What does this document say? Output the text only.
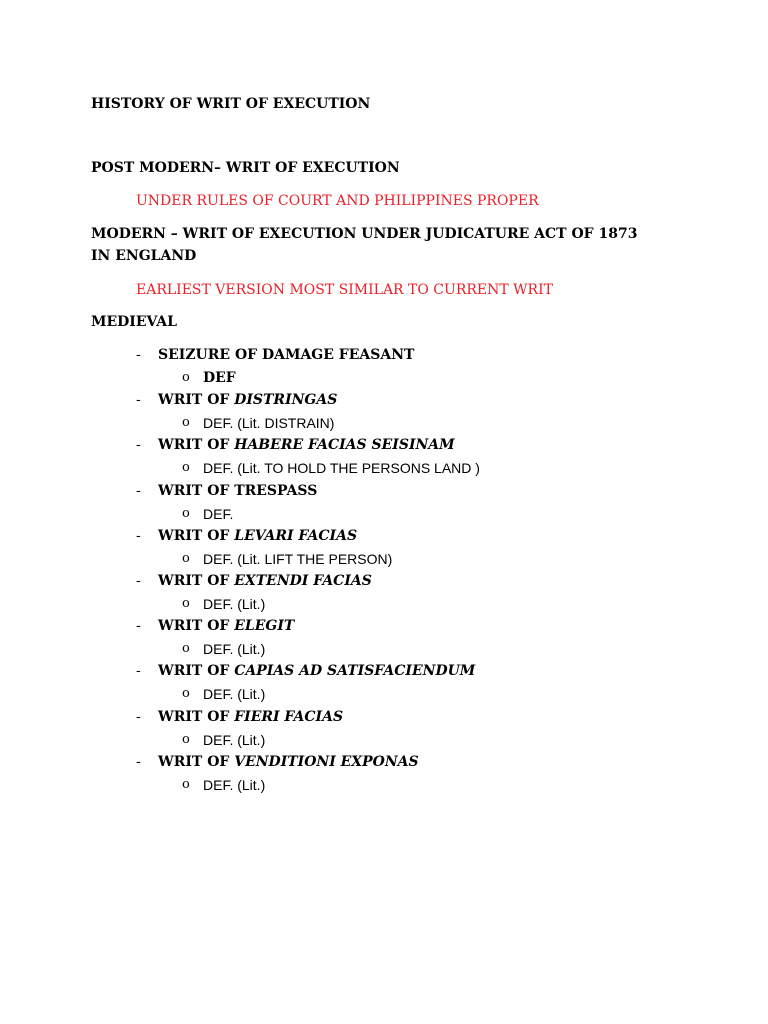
HISTORY OF WRIT OF EXECUTION
POST MODERN– WRIT OF EXECUTION
UNDER RULES OF COURT AND PHILIPPINES PROPER
MODERN – WRIT OF EXECUTION UNDER JUDICATURE ACT OF 1873 IN ENGLAND
EARLIEST VERSION MOST SIMILAR TO CURRENT WRIT
MEDIEVAL
- SEIZURE OF DAMAGE FEASANT
o DEF
- WRIT OF DISTRINGAS
o DEF. (Lit. DISTRAIN)
- WRIT OF HABERE FACIAS SEISINAM
o DEF. (Lit. TO HOLD THE PERSONS LAND )
- WRIT OF TRESPASS
o DEF.
- WRIT OF LEVARI FACIAS
o DEF. (Lit. LIFT THE PERSON)
- WRIT OF EXTENDI FACIAS
o DEF. (Lit.)
- WRIT OF ELEGIT
o DEF. (Lit.)
- WRIT OF CAPIAS AD SATISFACIENDUM
o DEF. (Lit.)
- WRIT OF FIERI FACIAS
o DEF. (Lit.)
- WRIT OF VENDITIONI EXPONAS
o DEF. (Lit.)
